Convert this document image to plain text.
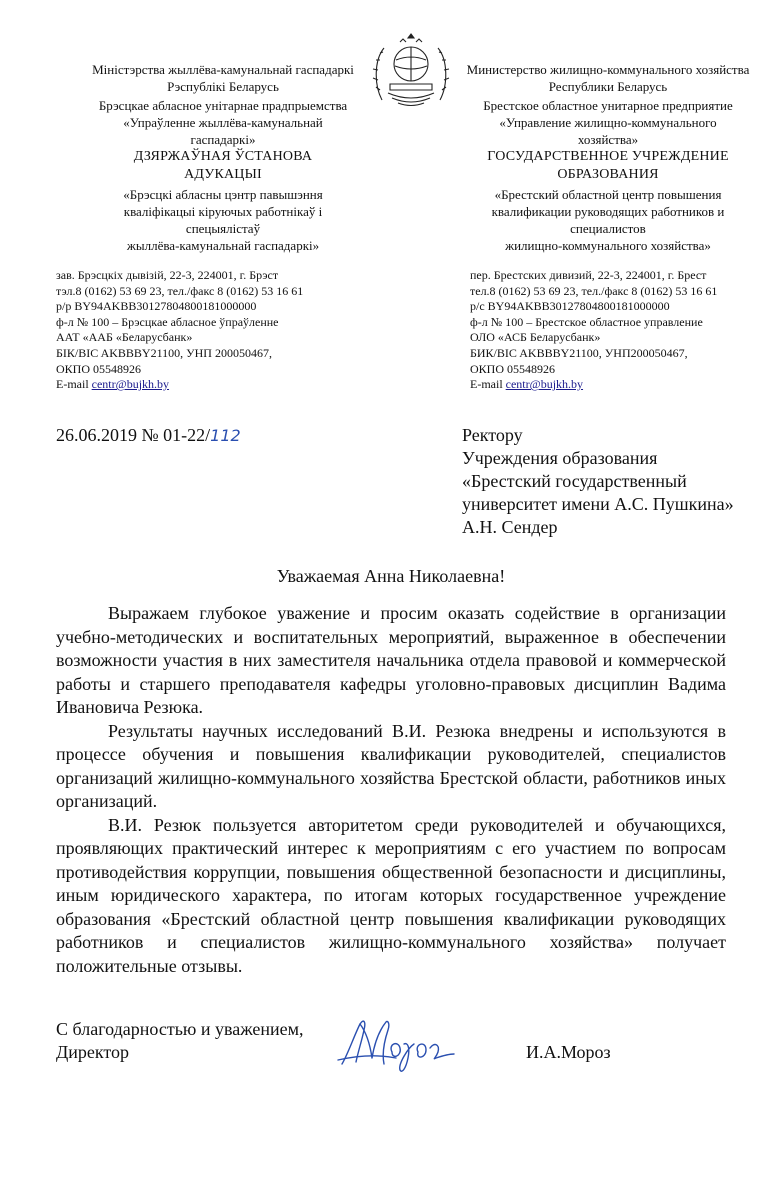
Міністэрства жыллёва-камунальнай гаспадаркі
Рэспублікі Беларусь
Брэсцкае абласное унітарнае прадпрыемства
«Упраўленне жыллёва-камунальнай
гаспадаркі»
ДЗЯРЖАЎНАЯ ЎСТАНОВА
АДУКАЦЫІ
«Брэсцкі абласны цэнтр павышэння
кваліфікацыі кіруючых работнікаў і
спецыялістаў
жыллёва-камунальнай гаспадаркі»
Министерство жилищно-коммунального хозяйства
Республики Беларусь
Брестское областное унитарное предприятие
«Управление жилищно-коммунального
хозяйства»
ГОСУДАРСТВЕННОЕ УЧРЕЖДЕНИЕ
ОБРАЗОВАНИЯ
«Брестский областной центр повышения
квалификации руководящих работников и
специалистов
жилищно-коммунального хозяйства»
зав. Брэсцкіх дывізій, 22-3, 224001, г. Брэст
тэл.8 (0162) 53 69 23, тел./факс 8 (0162) 53 16 61
р/р BY94AKBB30127804800181000000
ф-л № 100 – Брэсцкае абласное ўпраўленне
ААТ «ААБ «Беларусбанк»
БІК/BIC AKBBBY21100, УНП 200050467,
ОКПО 05548926
E-mail centr@bujkh.by
пер. Брестских дивизий, 22-3, 224001, г. Брест
тел.8 (0162) 53 69 23, тел./факс 8 (0162) 53 16 61
р/с BY94AKBB30127804800181000000
ф-л № 100 – Брестское областное управление
ОЛО «АСБ Беларусбанк»
БИК/BIC AKBBBY21100, УНП200050467,
ОКПО 05548926
E-mail centr@bujkh.by
26.06.2019 № 01-22/112	Ректору
Учреждения образования
«Брестский государственный
университет имени А.С. Пушкина»
А.Н. Сендер
Уважаемая Анна Николаевна!

Выражаем глубокое уважение и просим оказать содействие в организации учебно-методических и воспитательных мероприятий, выраженное в обеспечении возможности участия в них заместителя начальника отдела правовой и коммерческой работы и старшего преподавателя кафедры уголовно-правовых дисциплин Вадима Ивановича Резюка.

Результаты научных исследований В.И. Резюка внедрены и используются в процессе обучения и повышения квалификации руководителей, специалистов организаций жилищно-коммунального хозяйства Брестской области, работников иных организаций.

В.И. Резюк пользуется авторитетом среди руководителей и обучающихся, проявляющих практический интерес к мероприятиям с его участием по вопросам противодействия коррупции, повышения общественной безопасности и дисциплины, иным юридического характера, по итогам которых государственное учреждение образования «Брестский областной центр повышения квалификации руководящих работников и специалистов жилищно-коммунального хозяйства» получает положительные отзывы.

С благодарностью и уважением,
Директор	И.А.Мороз
